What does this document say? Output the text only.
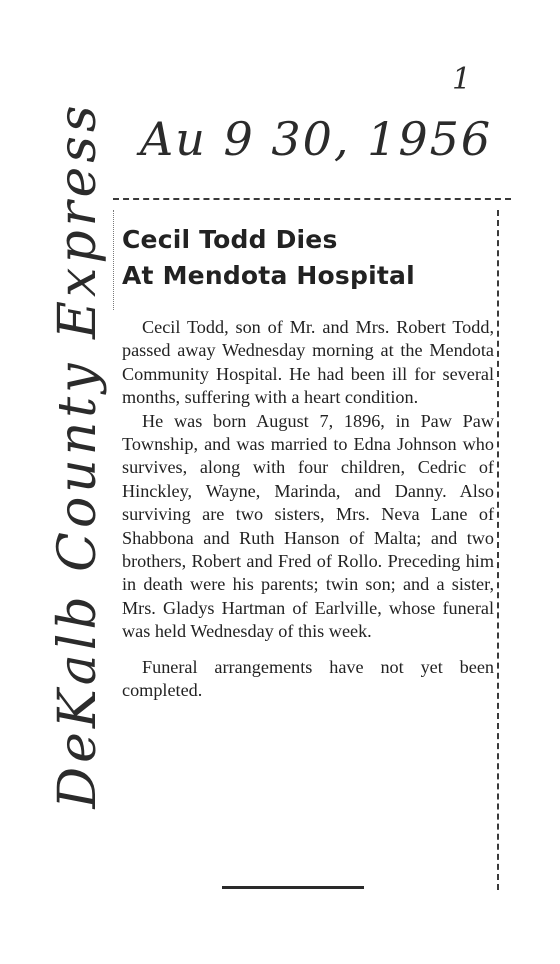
1
Au 9 30, 1956
DeKalb County Express Cecil Todd Dies
At Mendota Hospital

Cecil Todd, son of Mr. and Mrs. Robert Todd, passed away Wednesday morning at the Mendota Community Hospital. He had been ill for several months, suffering with a heart condition.

He was born August 7, 1896, in Paw Paw Township, and was married to Edna Johnson who survives, along with four children, Cedric of Hinckley, Wayne, Marinda, and Danny. Also surviving are two sisters, Mrs. Neva Lane of Shabbona and Ruth Hanson of Malta; and two brothers, Robert and Fred of Rollo. Preceding him in death were his parents; twin son; and a sister, Mrs. Gladys Hartman of Earlville, whose funeral was held Wednesday of this week.

Funeral arrangements have not yet been completed.
